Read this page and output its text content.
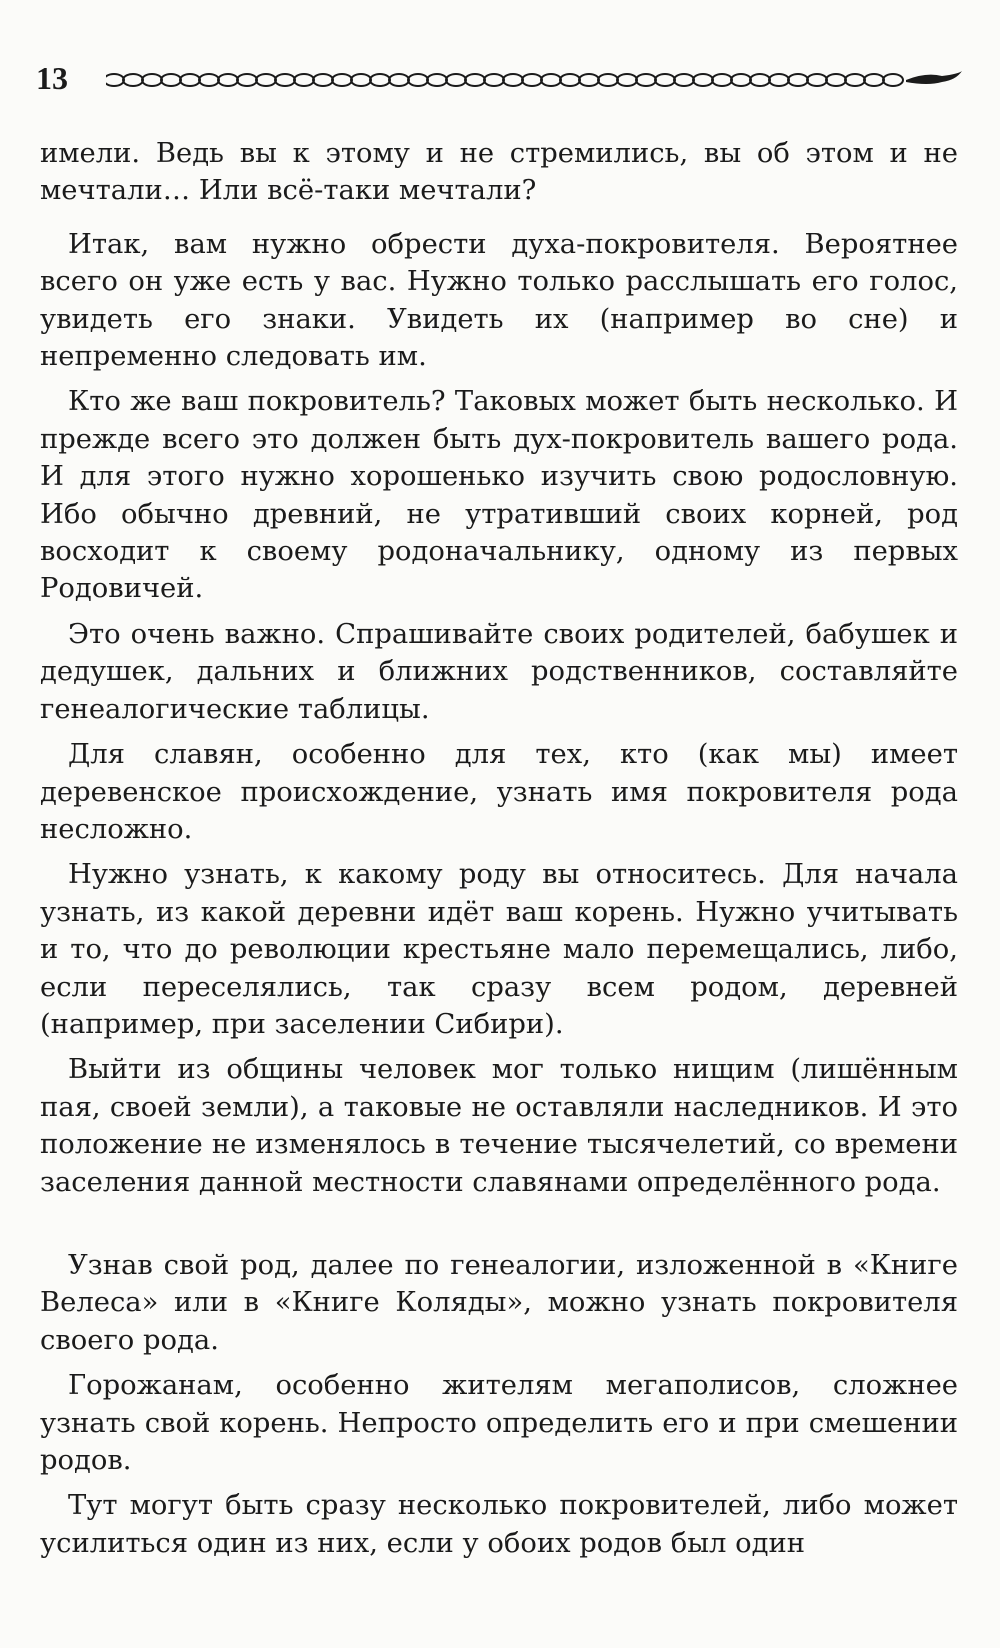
13

имели. Ведь вы к этому и не стремились, вы об этом и не мечтали… Или всё-таки мечтали?

Итак, вам нужно обрести духа-покровителя. Вероятнее всего он уже есть у вас. Нужно только расслышать его голос, увидеть его знаки. Увидеть их (например во сне) и непременно следовать им.

Кто же ваш покровитель? Таковых может быть несколько. И прежде всего это должен быть дух-покровитель вашего рода. И для этого нужно хорошенько изучить свою родословную. Ибо обычно древний, не утративший своих корней, род восходит к своему родоначальнику, одному из первых Родовичей.

Это очень важно. Спрашивайте своих родителей, бабушек и дедушек, дальних и ближних родственников, составляйте генеалогические таблицы.

Для славян, особенно для тех, кто (как мы) имеет деревенское происхождение, узнать имя покровителя рода несложно.

Нужно узнать, к какому роду вы относитесь. Для начала узнать, из какой деревни идёт ваш корень. Нужно учитывать и то, что до революции крестьяне мало перемещались, либо, если переселялись, так сразу всем родом, деревней (например, при заселении Сибири).

Выйти из общины человек мог только нищим (лишённым пая, своей земли), а таковые не оставляли наследников. И это положение не изменялось в течение тысячелетий, со времени заселения данной местности славянами определённого рода.

Узнав свой род, далее по генеалогии, изложенной в «Книге Велеса» или в «Книге Коляды», можно узнать покровителя своего рода.

Горожанам, особенно жителям мегаполисов, сложнее узнать свой корень. Непросто определить его и при смешении родов.

Тут могут быть сразу несколько покровителей, либо может усилиться один из них, если у обоих родов был один
